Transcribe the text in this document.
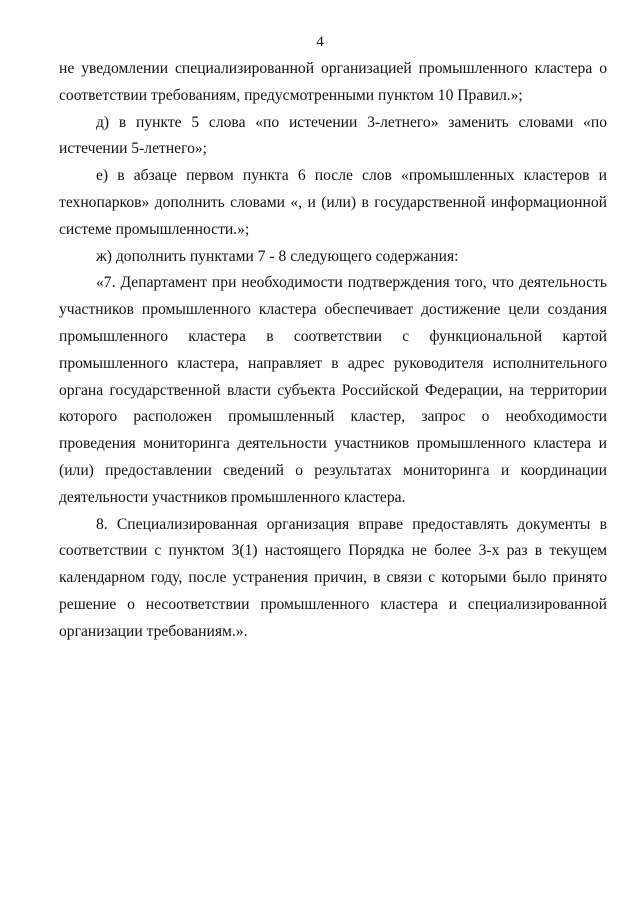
4

не уведомлении специализированной организацией промышленного кластера о соответствии требованиям, предусмотренными пунктом 10 Правил.»;

д) в пункте 5 слова «по истечении 3-летнего» заменить словами «по истечении 5-летнего»;

е) в абзаце первом пункта 6 после слов «промышленных кластеров и технопарков» дополнить словами «, и (или) в государственной информационной системе промышленности.»;

ж) дополнить пунктами 7 - 8 следующего содержания:

«7. Департамент при необходимости подтверждения того, что деятельность участников промышленного кластера обеспечивает достижение цели создания промышленного кластера в соответствии с функциональной картой промышленного кластера, направляет в адрес руководителя исполнительного органа государственной власти субъекта Российской Федерации, на территории которого расположен промышленный кластер, запрос о необходимости проведения мониторинга деятельности участников промышленного кластера и (или) предоставлении сведений о результатах мониторинга и координации деятельности участников промышленного кластера.

8. Специализированная организация вправе предоставлять документы в соответствии с пунктом 3(1) настоящего Порядка не более 3-х раз в текущем календарном году, после устранения причин, в связи с которыми было принято решение о несоответствии промышленного кластера и специализированной организации требованиям.».
